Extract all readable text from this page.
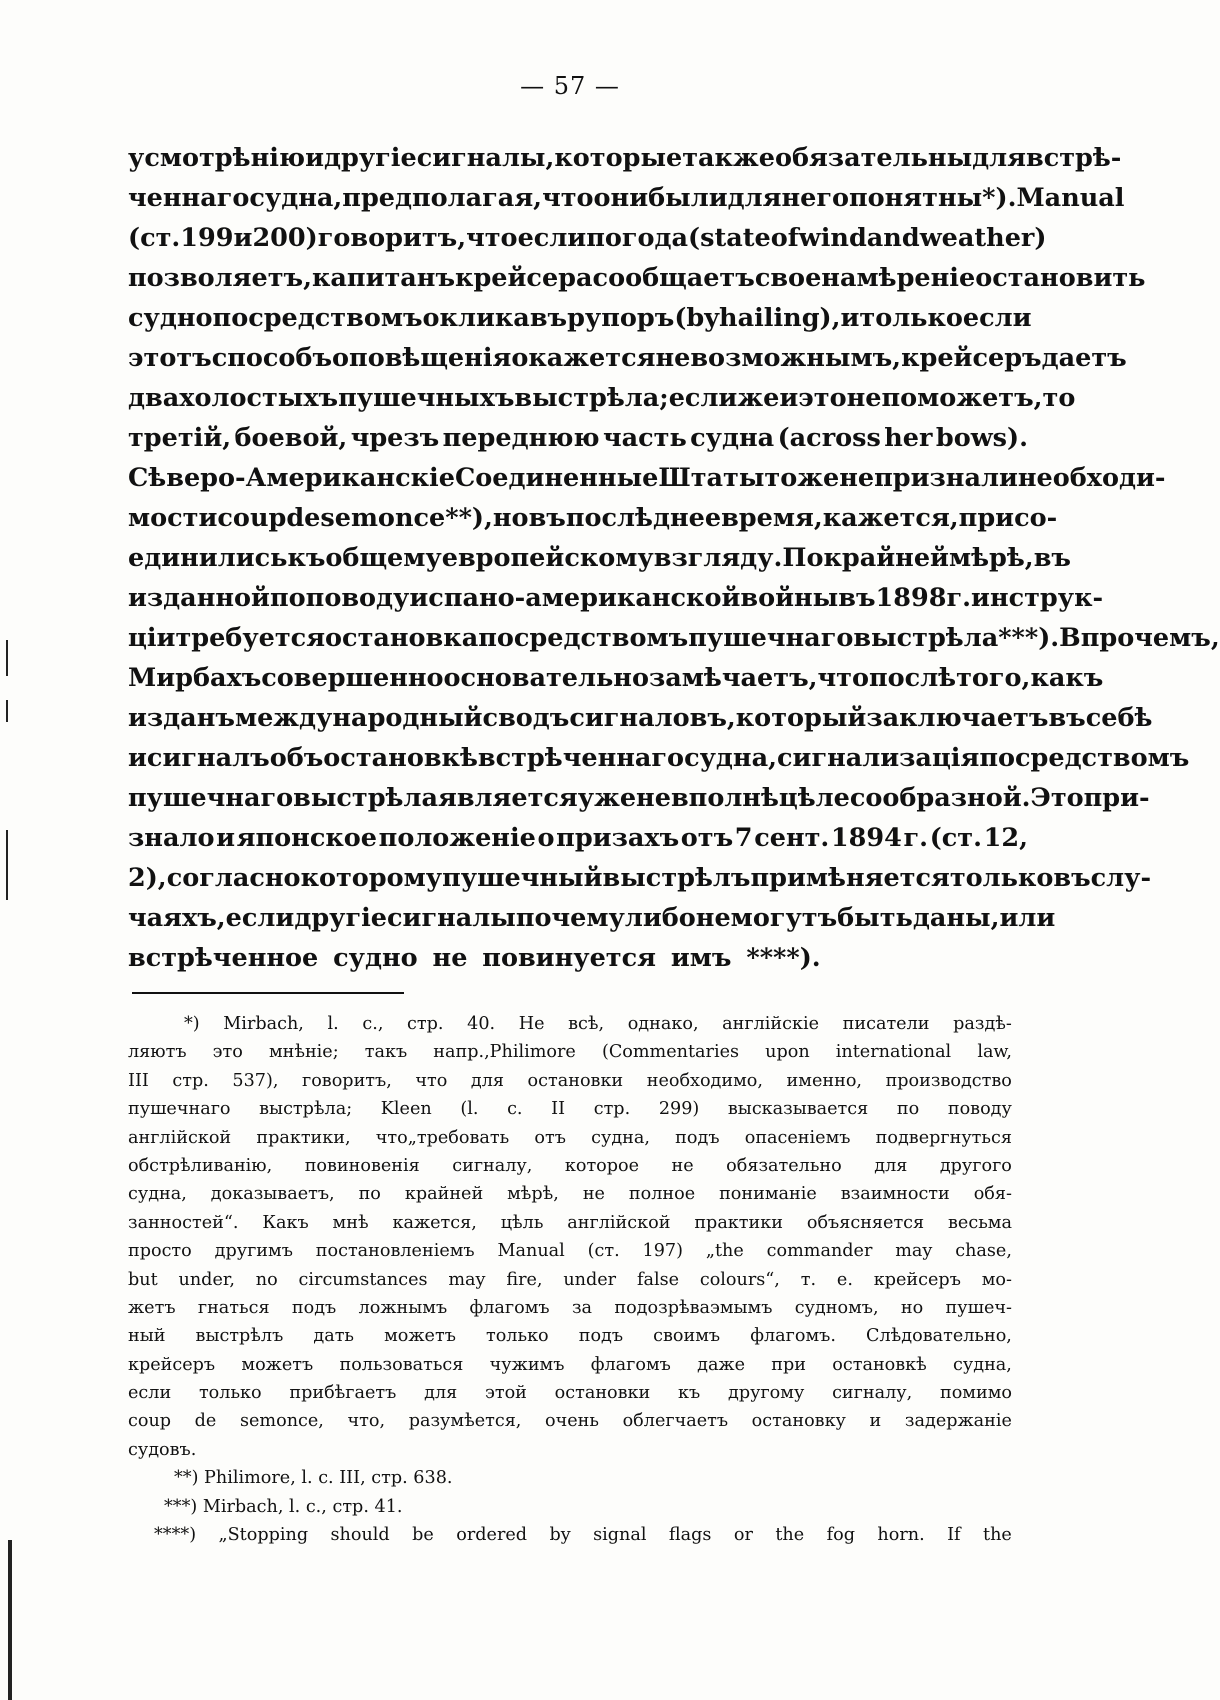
— 57 —
усмотрѣнію и другіе сигналы, которые также обязательны для встрѣ-
ченнаго судна, предполагая, что они были для него понятны *). Manual
(ст. 199 и 200) говоритъ, что если погода (state of wind and weather)
позволяетъ, капитанъ крейсера сообщаетъ свое намѣреніе остановить
судно посредствомъ оклика въ рупоръ (by hailing), и только если
этотъ способъ оповѣщенія окажется невозможнымъ, крейсеръ даетъ
два холостыхъ пушечныхъ выстрѣла; если же и это не поможетъ, то
третій, боевой, чрезъ переднюю часть судна (across her bows).
Сѣверо-Американскіе Соединенные Штаты тоже не признали необходи-
мости coup de semonce **), но въ послѣднее время, кажется, присо-
единились къ общему европейскому взгляду. По крайней мѣрѣ, въ
изданной по поводу испано-американской войны въ 1898 г. инструк-
ціи требуется остановка посредствомъ пушечнаго выстрѣла ***).Впрочемъ,
Мирбахъ совершенно основательно замѣчаетъ, что послѣ того, какъ
изданъ международный сводъ сигналовъ, который заключаетъ въ себѣ
и сигналъ объ остановкѣ встрѣченнаго судна, сигнализація посредствомъ
пушечнаго выстрѣла является уже не вполнѣ цѣлесообразной. Это при-
знало и японское положеніе о призахъ отъ 7 сент. 1894 г. (ст. 12,
2), согласно которому пушечный выстрѣлъ примѣняется только въ слу-
чаяхъ, если другіе сигналы почему либо не могутъ быть даны, или
встрѣченное судно не повинуется имъ ****).
*) Mirbach, l. c., стр. 40. Не всѣ, однако, англійскіе писатели раздѣ-
ляютъ это мнѣніе; такъ напр.,Philimore (Commentaries upon international law,
III стр. 537), говоритъ, что для остановки необходимо, именно, производство
пушечнаго выстрѣла; Kleen (l. c. II стр. 299) высказывается по поводу
англійской практики, что„требовать отъ судна, подъ опасеніемъ подвергнуться
обстрѣливанію, повиновенія сигналу, которое не обязательно для другого
судна, доказываетъ, по крайней мѣрѣ, не полное пониманіе взаимности обя-
занностей“. Какъ мнѣ кажется, цѣль англійской практики объясняется весьма
просто другимъ постановленіемъ Manual (ст. 197) „the commander may chase,
but under, no circumstances may fire, under false colours“, т. е. крейсеръ мо-
жетъ гнаться подъ ложнымъ флагомъ за подозрѣваэмымъ судномъ, но пушеч-
ный выстрѣлъ дать можетъ только подъ своимъ флагомъ. Слѣдовательно,
крейсеръ можетъ пользоваться чужимъ флагомъ даже при остановкѣ судна,
если только прибѣгаетъ для этой остановки къ другому сигналу, помимо
coup de semonce, что, разумѣется, очень облегчаетъ остановку и задержаніе
судовъ.
**) Philimore, l. c. III, стр. 638.
***) Mirbach, l. c., стр. 41.
****) „Stopping should be ordered by signal flags or the fog horn. If the
